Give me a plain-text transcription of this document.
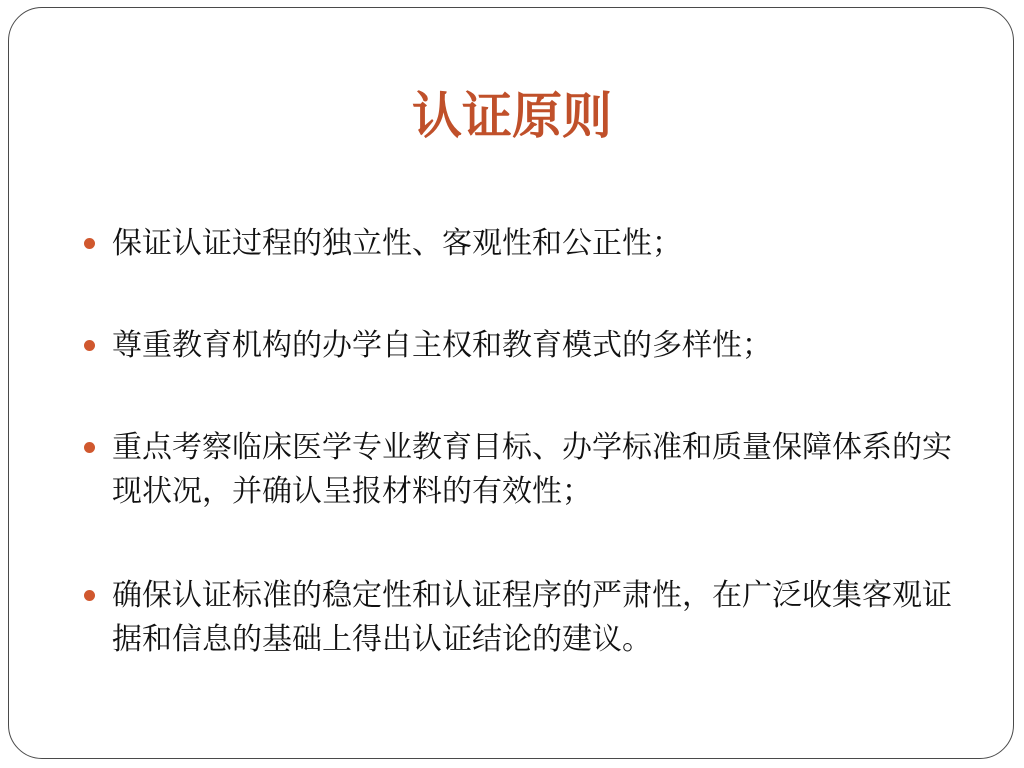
认证原则
保证认证过程的独立性、客观性和公正性；
尊重教育机构的办学自主权和教育模式的多样性；
重点考察临床医学专业教育目标、办学标准和质量保障体系的实现状况，并确认呈报材料的有效性；
确保认证标准的稳定性和认证程序的严肃性，在广泛收集客观证据和信息的基础上得出认证结论的建议。
